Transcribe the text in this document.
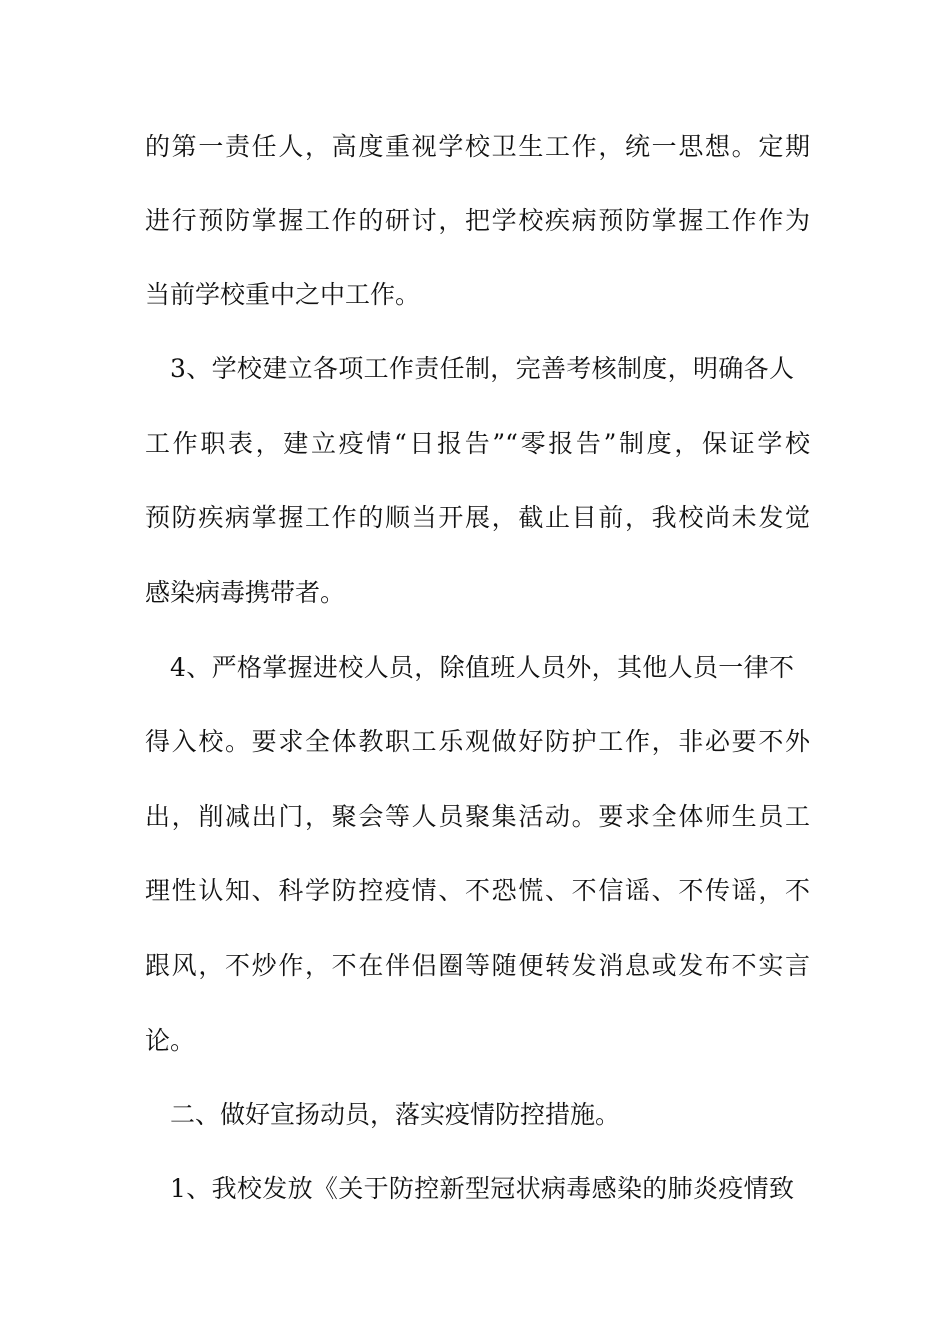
的第一责任人，高度重视学校卫生工作，统一思想。定期
进行预防掌握工作的研讨，把学校疾病预防掌握工作作为
当前学校重中之中工作。
3、学校建立各项工作责任制，完善考核制度，明确各人
工作职表，建立疫情“日报告”“零报告”制度，保证学校
预防疾病掌握工作的顺当开展，截止目前，我校尚未发觉
感染病毒携带者。
4、严格掌握进校人员，除值班人员外，其他人员一律不
得入校。要求全体教职工乐观做好防护工作，非必要不外
出，削减出门，聚会等人员聚集活动。要求全体师生员工
理性认知、科学防控疫情、不恐慌、不信谣、不传谣，不
跟风，不炒作，不在伴侣圈等随便转发消息或发布不实言
论。
二、做好宣扬动员，落实疫情防控措施。
1、我校发放《关于防控新型冠状病毒感染的肺炎疫情致
